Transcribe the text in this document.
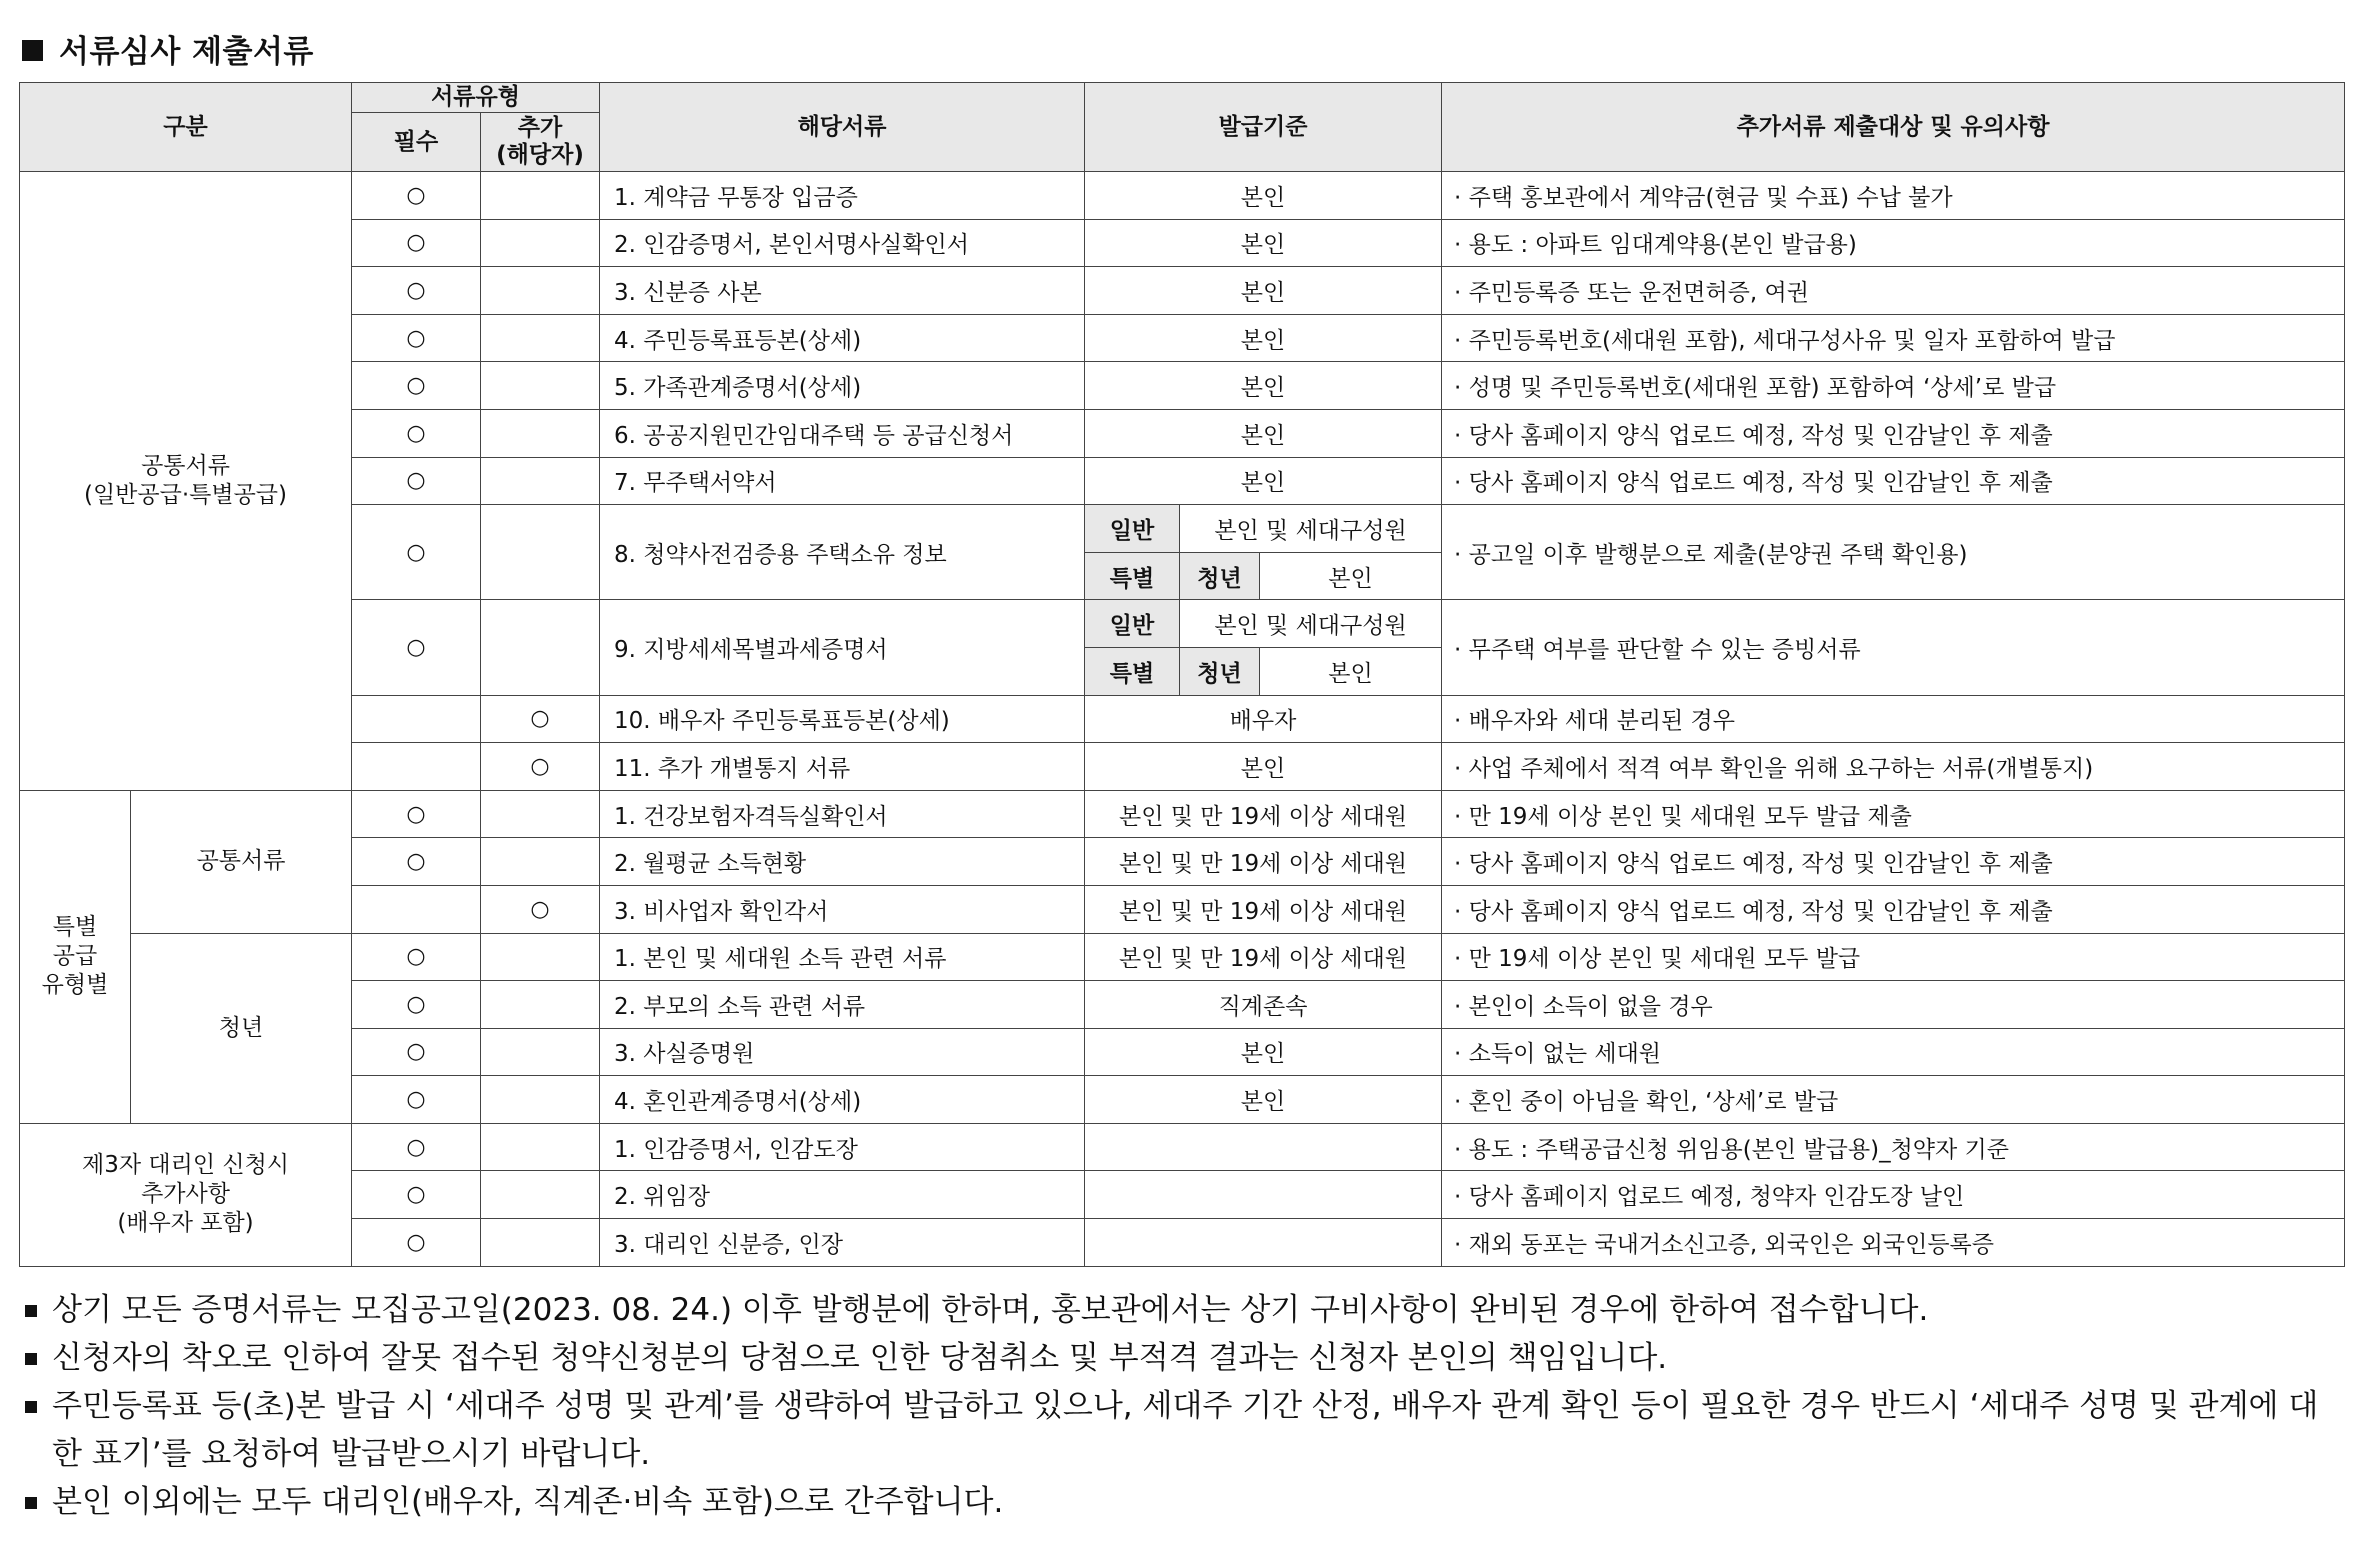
서류심사 제출서류
구분		서류유형		해당서류	발급기준			추가서류 제출대상 및 유의사항
		필수	추가
(해당자)					
공통서류
(일반공급·특별공급)		○		1. 계약금 무통장 입금증	본인			· 주택 홍보관에서 계약금(현금 및 수표) 수납 불가
		○		2. 인감증명서, 본인서명사실확인서	본인			· 용도 : 아파트 임대계약용(본인 발급용)
		○		3. 신분증 사본	본인			· 주민등록증 또는 운전면허증, 여권
		○		4. 주민등록표등본(상세)	본인			· 주민등록번호(세대원 포함), 세대구성사유 및 일자 포함하여 발급
		○		5. 가족관계증명서(상세)	본인			· 성명 및 주민등록번호(세대원 포함) 포함하여 ‘상세’로 발급
		○		6. 공공지원민간임대주택 등 공급신청서	본인			· 당사 홈페이지 양식 업로드 예정, 작성 및 인감날인 후 제출
		○		7. 무주택서약서	본인			· 당사 홈페이지 양식 업로드 예정, 작성 및 인감날인 후 제출
		○		8. 청약사전검증용 주택소유 정보	일반	본인 및 세대구성원		· 공고일 이후 발행분으로 제출(분양권 주택 확인용)
					특별	청년	본인	
		○		9. 지방세세목별과세증명서	일반	본인 및 세대구성원		· 무주택 여부를 판단할 수 있는 증빙서류
					특별	청년	본인	
			○	10. 배우자 주민등록표등본(상세)	배우자			· 배우자와 세대 분리된 경우
			○	11. 추가 개별통지 서류	본인			· 사업 주체에서 적격 여부 확인을 위해 요구하는 서류(개별통지)
특별
공급
유형별	공통서류	○		1. 건강보험자격득실확인서	본인 및 만 19세 이상 세대원			· 만 19세 이상 본인 및 세대원 모두 발급 제출
		○		2. 월평균 소득현황	본인 및 만 19세 이상 세대원			· 당사 홈페이지 양식 업로드 예정, 작성 및 인감날인 후 제출
			○	3. 비사업자 확인각서	본인 및 만 19세 이상 세대원			· 당사 홈페이지 양식 업로드 예정, 작성 및 인감날인 후 제출
	청년	○		1. 본인 및 세대원 소득 관련 서류	본인 및 만 19세 이상 세대원			· 만 19세 이상 본인 및 세대원 모두 발급
		○		2. 부모의 소득 관련 서류	직계존속			· 본인이 소득이 없을 경우
		○		3. 사실증명원	본인			· 소득이 없는 세대원
		○		4. 혼인관계증명서(상세)	본인			· 혼인 중이 아님을 확인, ‘상세’로 발급
제3자 대리인 신청시
추가사항
(배우자 포함)		○		1. 인감증명서, 인감도장				· 용도 : 주택공급신청 위임용(본인 발급용)_청약자 기준
		○		2. 위임장				· 당사 홈페이지 업로드 예정, 청약자 인감도장 날인
		○		3. 대리인 신분증, 인장				· 재외 동포는 국내거소신고증, 외국인은 외국인등록증
상기 모든 증명서류는 모집공고일(2023. 08. 24.) 이후 발행분에 한하며, 홍보관에서는 상기 구비사항이 완비된 경우에 한하여 접수합니다.
신청자의 착오로 인하여 잘못 접수된 청약신청분의 당첨으로 인한 당첨취소 및 부적격 결과는 신청자 본인의 책임입니다.
주민등록표 등(초)본 발급 시 ‘세대주 성명 및 관계’를 생략하여 발급하고 있으나, 세대주 기간 산정, 배우자 관계 확인 등이 필요한 경우 반드시 ‘세대주 성명 및 관계에 대한 표기’를 요청하여 발급받으시기 바랍니다.
본인 이외에는 모두 대리인(배우자, 직계존·비속 포함)으로 간주합니다.
